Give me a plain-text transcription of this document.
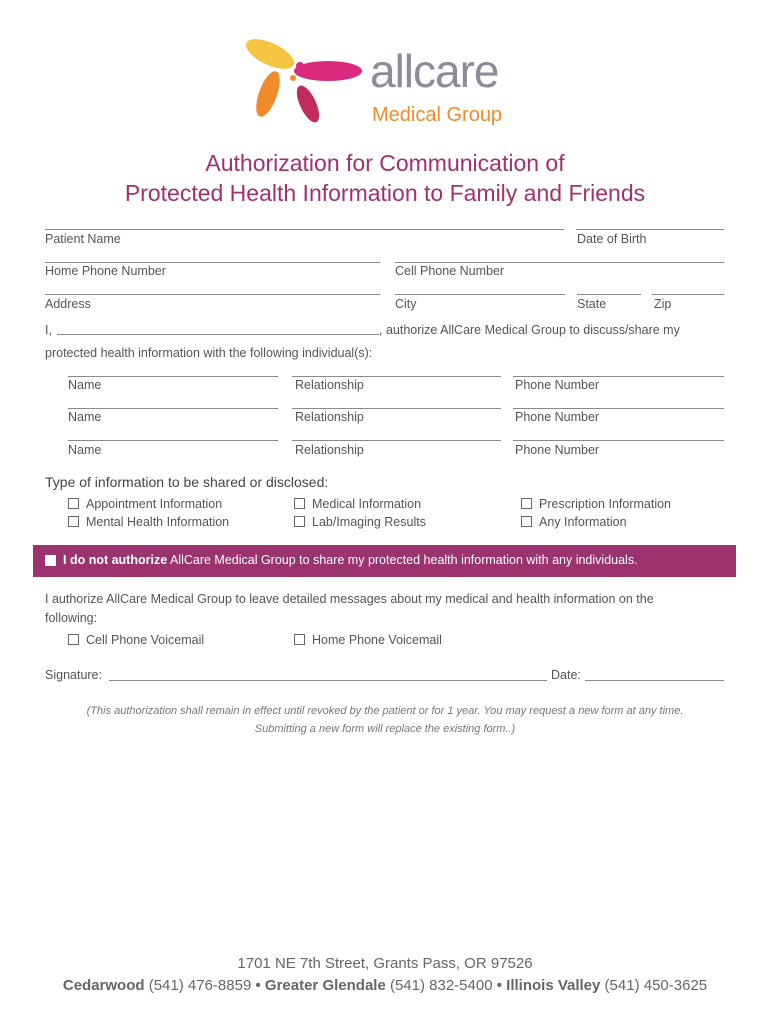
allcare
Medical Group
Authorization for Communication of
Protected Health Information to Family and Friends
Patient Name	Date of Birth
Home Phone Number	Cell Phone Number
Address	City	State	Zip
I,	, authorize AllCare Medical Group to discuss/share my
protected health information with the following individual(s):
Name	Relationship	Phone Number
Name	Relationship	Phone Number
Name	Relationship	Phone Number
Type of information to be shared or disclosed:
Appointment Information	Medical Information	Prescription Information
Mental Health Information	Lab/Imaging Results	Any Information
I do not authorize AllCare Medical Group to share my protected health information with any individuals.
I authorize AllCare Medical Group to leave detailed messages about my medical and health information on the
following:
Cell Phone Voicemail	Home Phone Voicemail
Signature:	Date:
(This authorization shall remain in effect until revoked by the patient or for 1 year. You may request a new form at any time.
Submitting a new form will replace the existing form..)
1701 NE 7th Street, Grants Pass, OR 97526
Cedarwood (541) 476-8859 • Greater Glendale (541) 832-5400 • Illinois Valley (541) 450-3625
